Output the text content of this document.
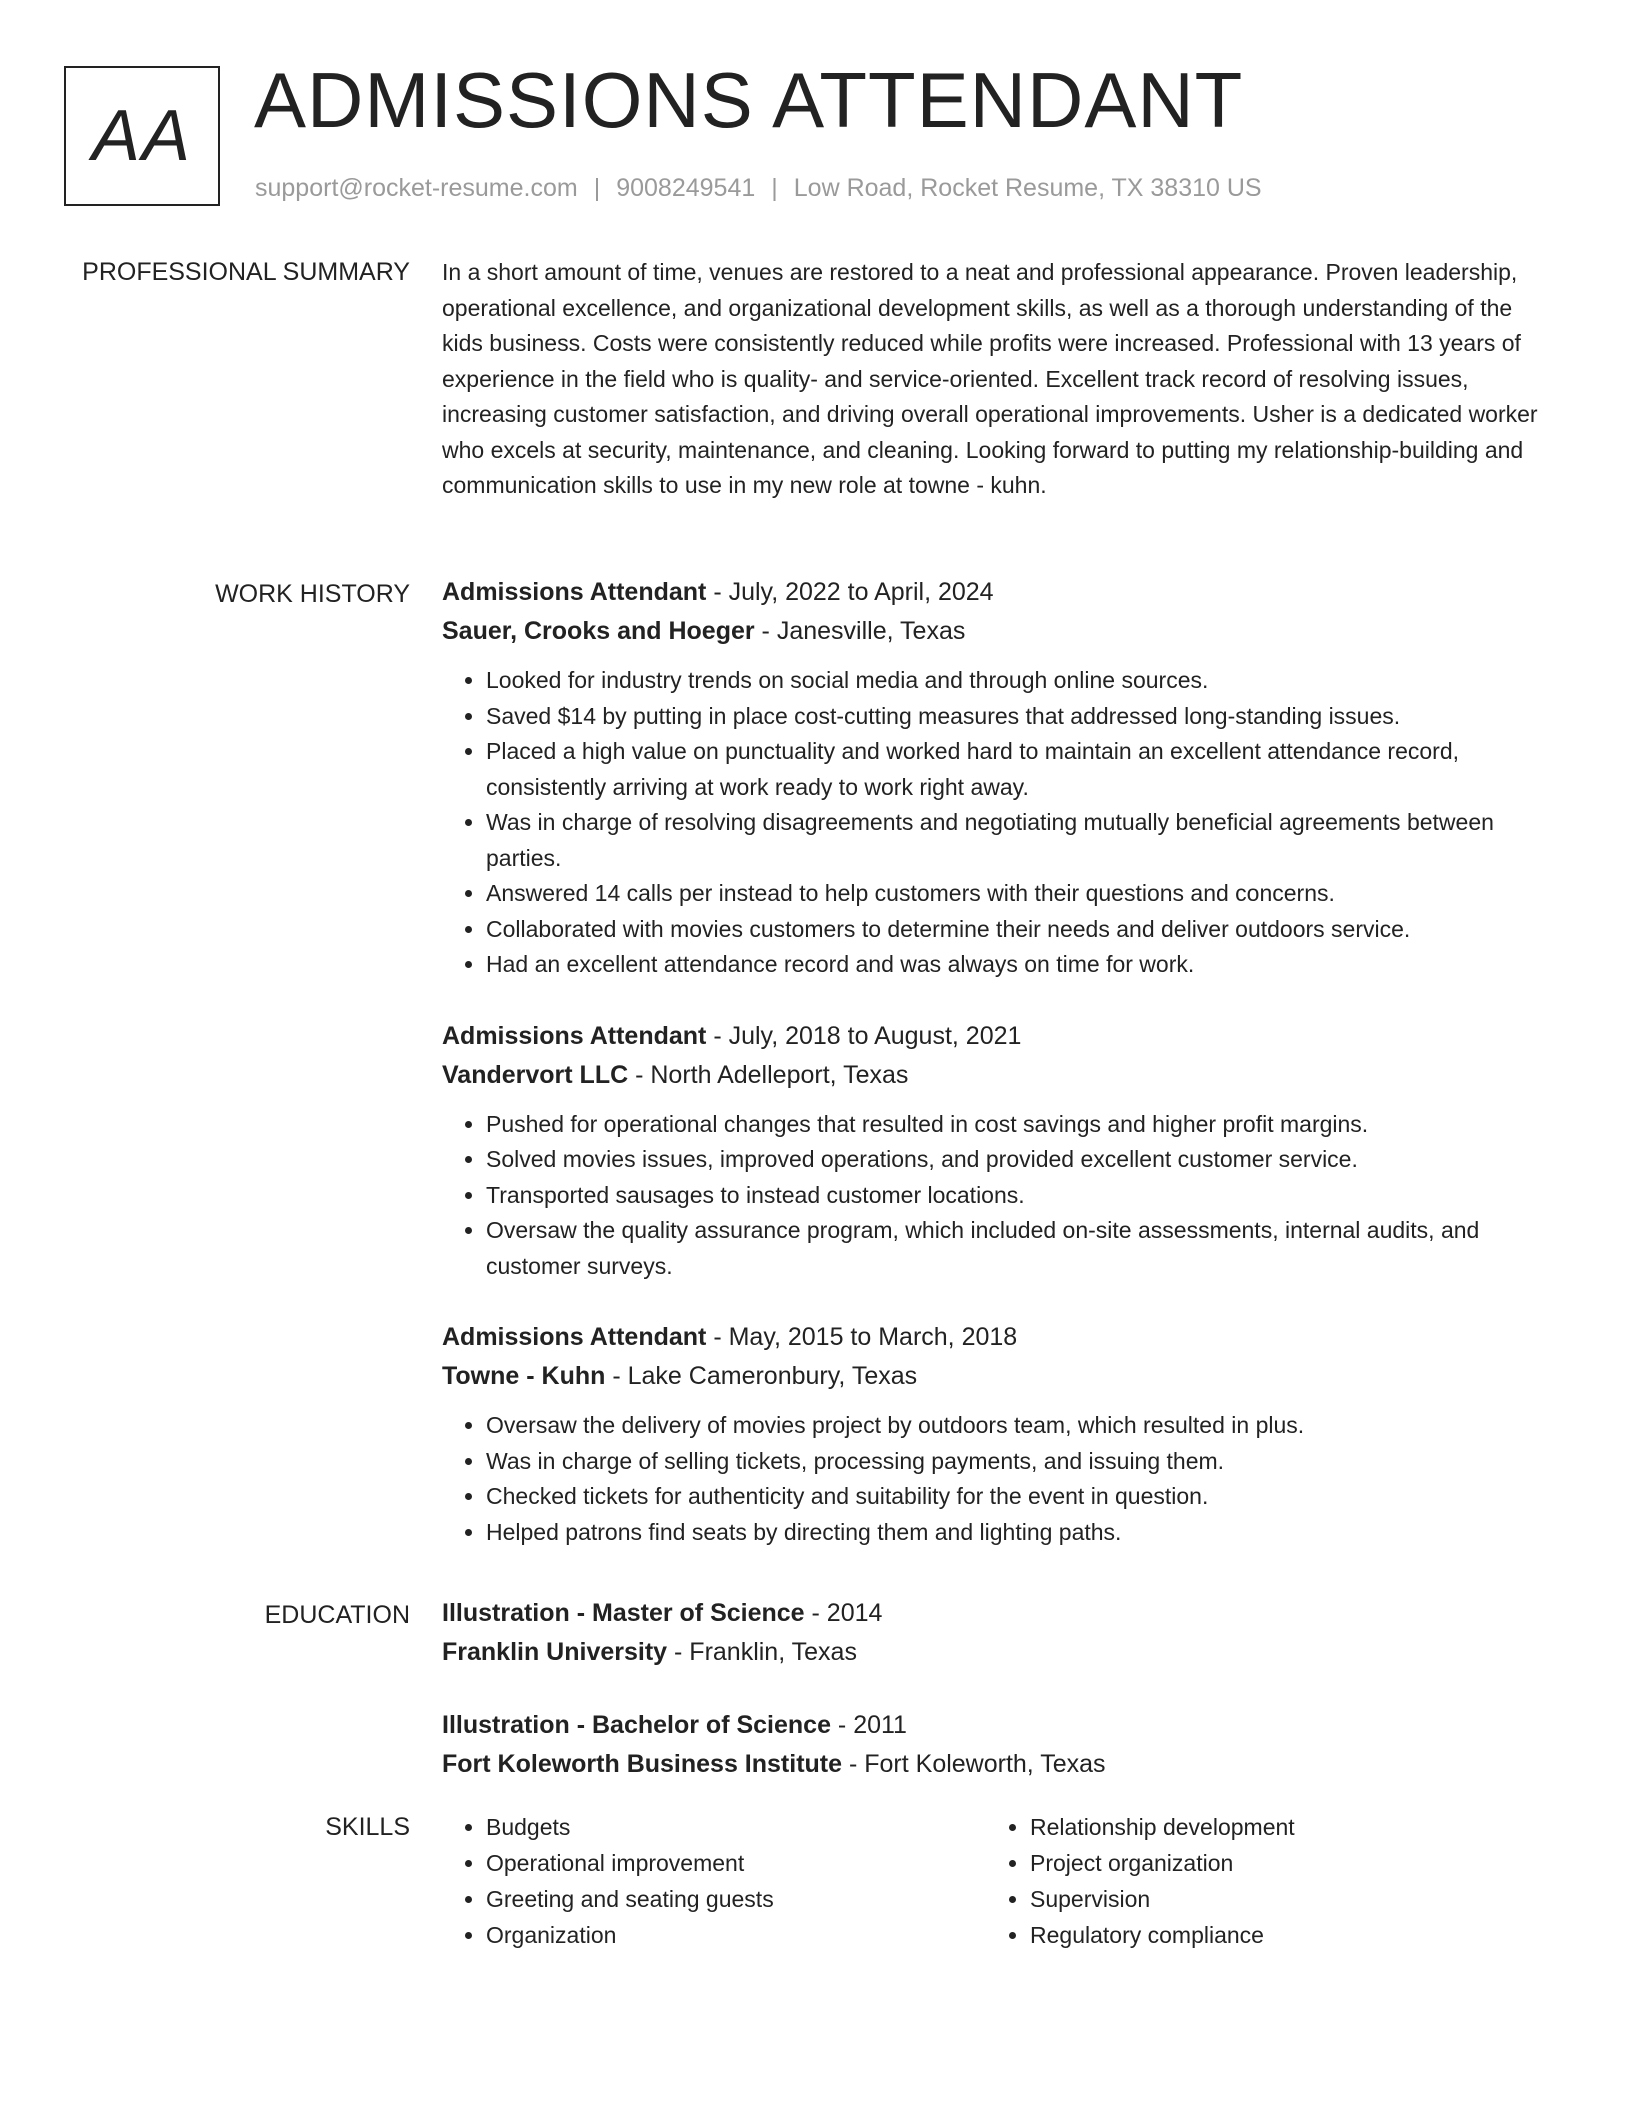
AA ADMISSIONS ATTENDANT
support@rocket-resume.com | 9008249541 | Low Road, Rocket Resume, TX 38310 US
PROFESSIONAL SUMMARY In a short amount of time, venues are restored to a neat and professional appearance. Proven leadership, operational excellence, and organizational development skills, as well as a thorough understanding of the kids business. Costs were consistently reduced while profits were increased. Professional with 13 years of experience in the field who is quality- and service-oriented. Excellent track record of resolving issues, increasing customer satisfaction, and driving overall operational improvements. Usher is a dedicated worker who excels at security, maintenance, and cleaning. Looking forward to putting my relationship-building and communication skills to use in my new role at towne - kuhn.

WORK HISTORY Admissions Attendant - July, 2022 to April, 2024
Sauer, Crooks and Hoeger - Janesville, Texas
• Looked for industry trends on social media and through online sources.
• Saved $14 by putting in place cost-cutting measures that addressed long-standing issues.
• Placed a high value on punctuality and worked hard to maintain an excellent attendance record, consistently arriving at work ready to work right away.
• Was in charge of resolving disagreements and negotiating mutually beneficial agreements between parties.
• Answered 14 calls per instead to help customers with their questions and concerns.
• Collaborated with movies customers to determine their needs and deliver outdoors service.
• Had an excellent attendance record and was always on time for work.
Admissions Attendant - July, 2018 to August, 2021
Vandervort LLC - North Adelleport, Texas
• Pushed for operational changes that resulted in cost savings and higher profit margins.
• Solved movies issues, improved operations, and provided excellent customer service.
• Transported sausages to instead customer locations.
• Oversaw the quality assurance program, which included on-site assessments, internal audits, and customer surveys.
Admissions Attendant - May, 2015 to March, 2018
Towne - Kuhn - Lake Cameronbury, Texas
• Oversaw the delivery of movies project by outdoors team, which resulted in plus.
• Was in charge of selling tickets, processing payments, and issuing them.
• Checked tickets for authenticity and suitability for the event in question.
• Helped patrons find seats by directing them and lighting paths.
EDUCATION Illustration - Master of Science - 2014
Franklin University - Franklin, Texas
Illustration - Bachelor of Science - 2011
Fort Koleworth Business Institute - Fort Koleworth, Texas
SKILLS
•	Budgets
• Operational improvement
• Greeting and seating guests
• Organization
• Relationship development
• Project organization
• Supervision
• Regulatory compliance
